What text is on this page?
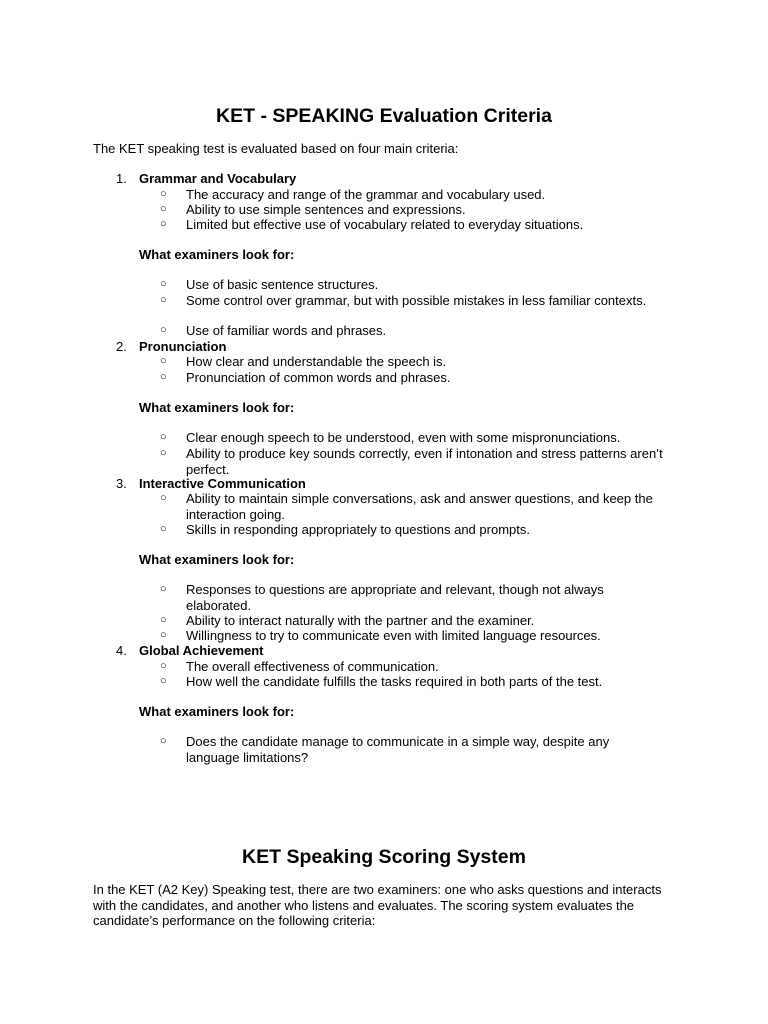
KET - SPEAKING Evaluation Criteria

The KET speaking test is evaluated based on four main criteria:

1. Grammar and Vocabulary
○	The accuracy and range of the grammar and vocabulary used.
○	Ability to use simple sentences and expressions.
○	Limited but effective use of vocabulary related to everyday situations.
What examiners look for:
○	Use of basic sentence structures.
○	Some control over grammar, but with possible mistakes in less familiar contexts.
○	Use of familiar words and phrases.
2. Pronunciation
○	How clear and understandable the speech is.
○	Pronunciation of common words and phrases.
What examiners look for:
○	Clear enough speech to be understood, even with some mispronunciations.
○	Ability to produce key sounds correctly, even if intonation and stress patterns aren’t perfect.
3. Interactive Communication
○	Ability to maintain simple conversations, ask and answer questions, and keep the interaction going.
○	Skills in responding appropriately to questions and prompts.
What examiners look for:
○	Responses to questions are appropriate and relevant, though not always elaborated.
○	Ability to interact naturally with the partner and the examiner.
○	Willingness to try to communicate even with limited language resources.
4. Global Achievement
○	The overall effectiveness of communication.
○	How well the candidate fulfills the tasks required in both parts of the test.
What examiners look for:
○	Does the candidate manage to communicate in a simple way, despite any language limitations?
KET Speaking Scoring System

In the KET (A2 Key) Speaking test, there are two examiners: one who asks questions and interacts with the candidates, and another who listens and evaluates. The scoring system evaluates the candidate’s performance on the following criteria:
